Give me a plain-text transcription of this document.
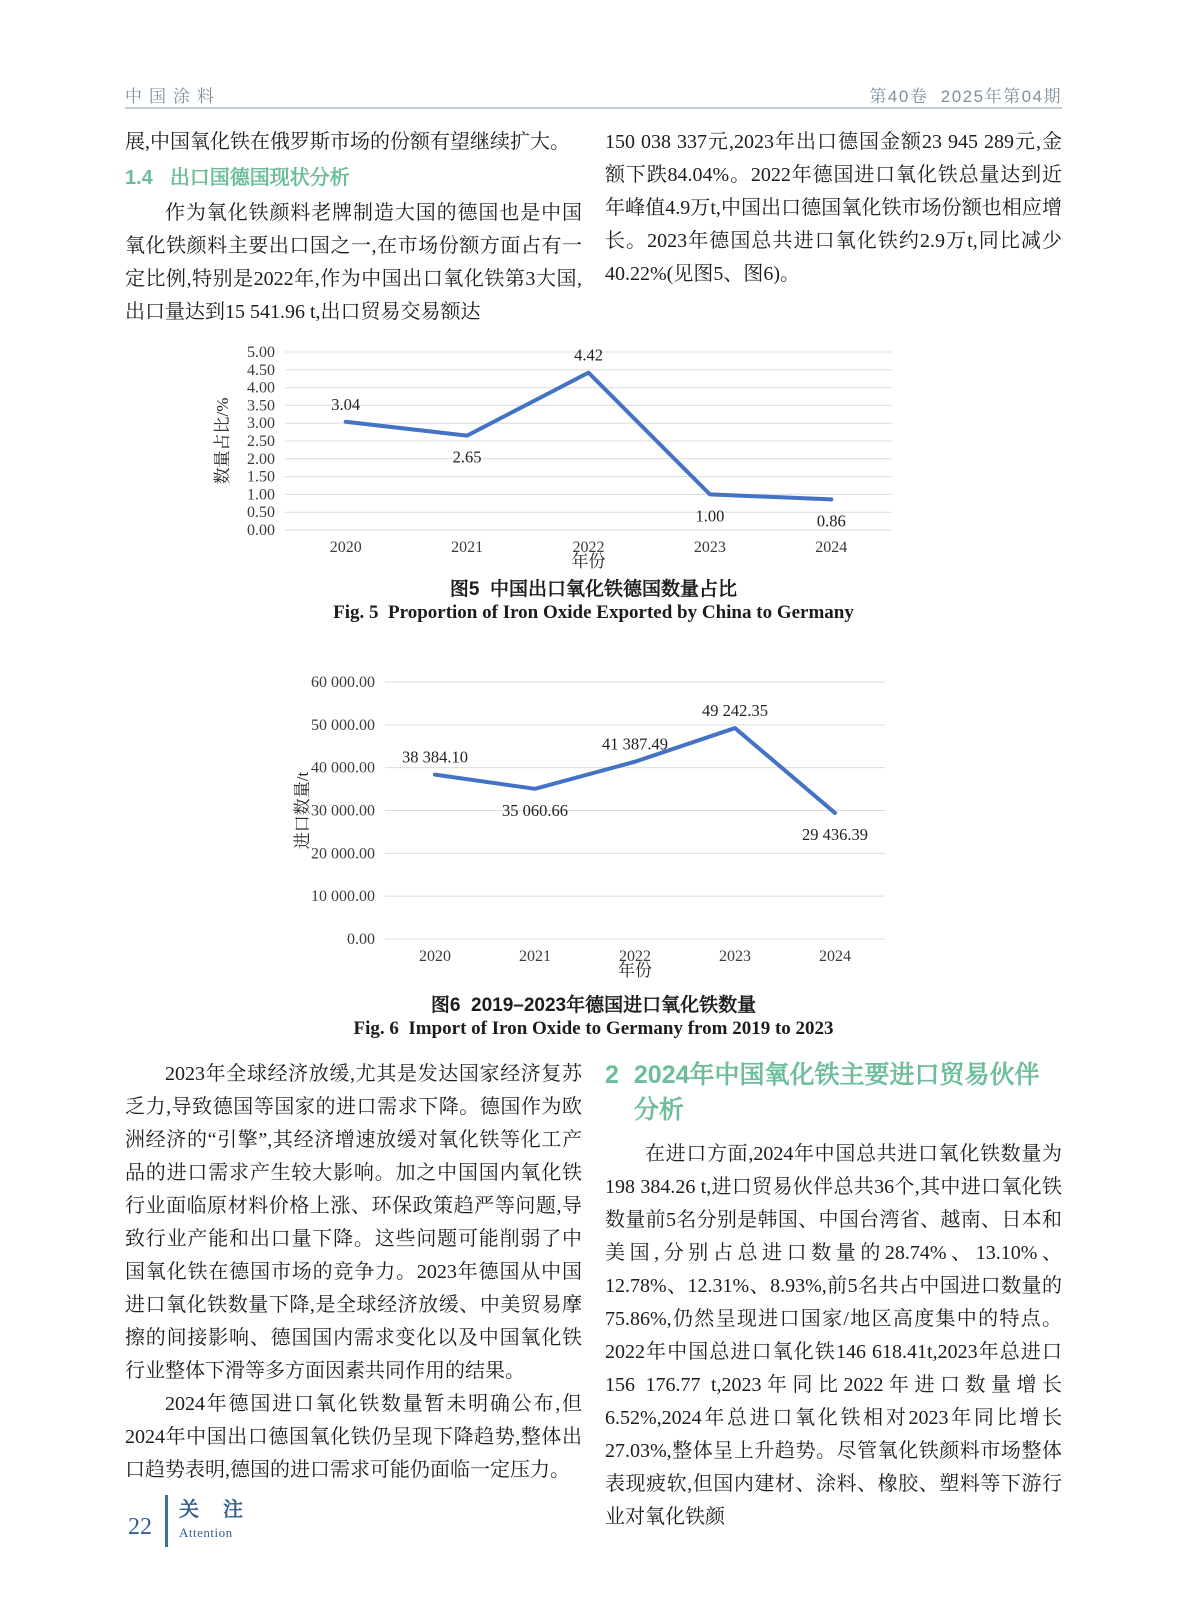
中国涂料	第40卷  2025年第04期

展,中国氧化铁在俄罗斯市场的份额有望继续扩大。

1.4 出口国德国现状分析

作为氧化铁颜料老牌制造大国的德国也是中国氧化铁颜料主要出口国之一,在市场份额方面占有一定比例,特别是2022年,作为中国出口氧化铁第3大国,出口量达到15 541.96 t,出口贸易交易额达

150 038 337元,2023年出口德国金额23 945 289元,金额下跌84.04%。2022年德国进口氧化铁总量达到近年峰值4.9万t,中国出口德国氧化铁市场份额也相应增长。2023年德国总共进口氧化铁约2.9万t,同比减少40.22%(见图5、图6)。

0.00
0.50
1.00
1.50
2.00
2.50
3.00
3.50
4.00
4.50
5.00
2020	2021	2022	2023	2024
3.04
2.65
4.42
1.00	0.86
年份
数量占比/%

图5  中国出口氧化铁德国数量占比

Fig. 5  Proportion of Iron Oxide Exported by China to Germany

0.00
10 000.00
20 000.00
30 000.00
40 000.00
50 000.00
60 000.00
2020	2021	2022	2023	2024
38 384.10
35 060.66
41 387.49
49 242.35
29 436.39
年份
进口数量/t

图6  2019–2023年德国进口氧化铁数量

Fig. 6  Import of Iron Oxide to Germany from 2019 to 2023

2023年全球经济放缓,尤其是发达国家经济复苏乏力,导致德国等国家的进口需求下降。德国作为欧洲经济的“引擎”,其经济增速放缓对氧化铁等化工产品的进口需求产生较大影响。加之中国国内氧化铁行业面临原材料价格上涨、环保政策趋严等问题,导致行业产能和出口量下降。这些问题可能削弱了中国氧化铁在德国市场的竞争力。2023年德国从中国进口氧化铁数量下降,是全球经济放缓、中美贸易摩擦的间接影响、德国国内需求变化以及中国氧化铁行业整体下滑等多方面因素共同作用的结果。

2024年德国进口氧化铁数量暂未明确公布,但2024年中国出口德国氧化铁仍呈现下降趋势,整体出口趋势表明,德国的进口需求可能仍面临一定压力。

2 2024年中国氧化铁主要进口贸易伙伴分析

在进口方面,2024年中国总共进口氧化铁数量为198 384.26 t,进口贸易伙伴总共36个,其中进口氧化铁数量前5名分别是韩国、中国台湾省、越南、日本和美国,分别占总进口数量的28.74%、13.10%、12.78%、12.31%、8.93%,前5名共占中国进口数量的75.86%,仍然呈现进口国家/地区高度集中的特点。2022年中国总进口氧化铁146 618.41t,2023年总进口156 176.77 t,2023年同比2022年进口数量增长6.52%,2024年总进口氧化铁相对2023年同比增长27.03%,整体呈上升趋势。尽管氧化铁颜料市场整体表现疲软,但国内建材、涂料、橡胶、塑料等下游行业对氧化铁颜

22
关注
Attention
